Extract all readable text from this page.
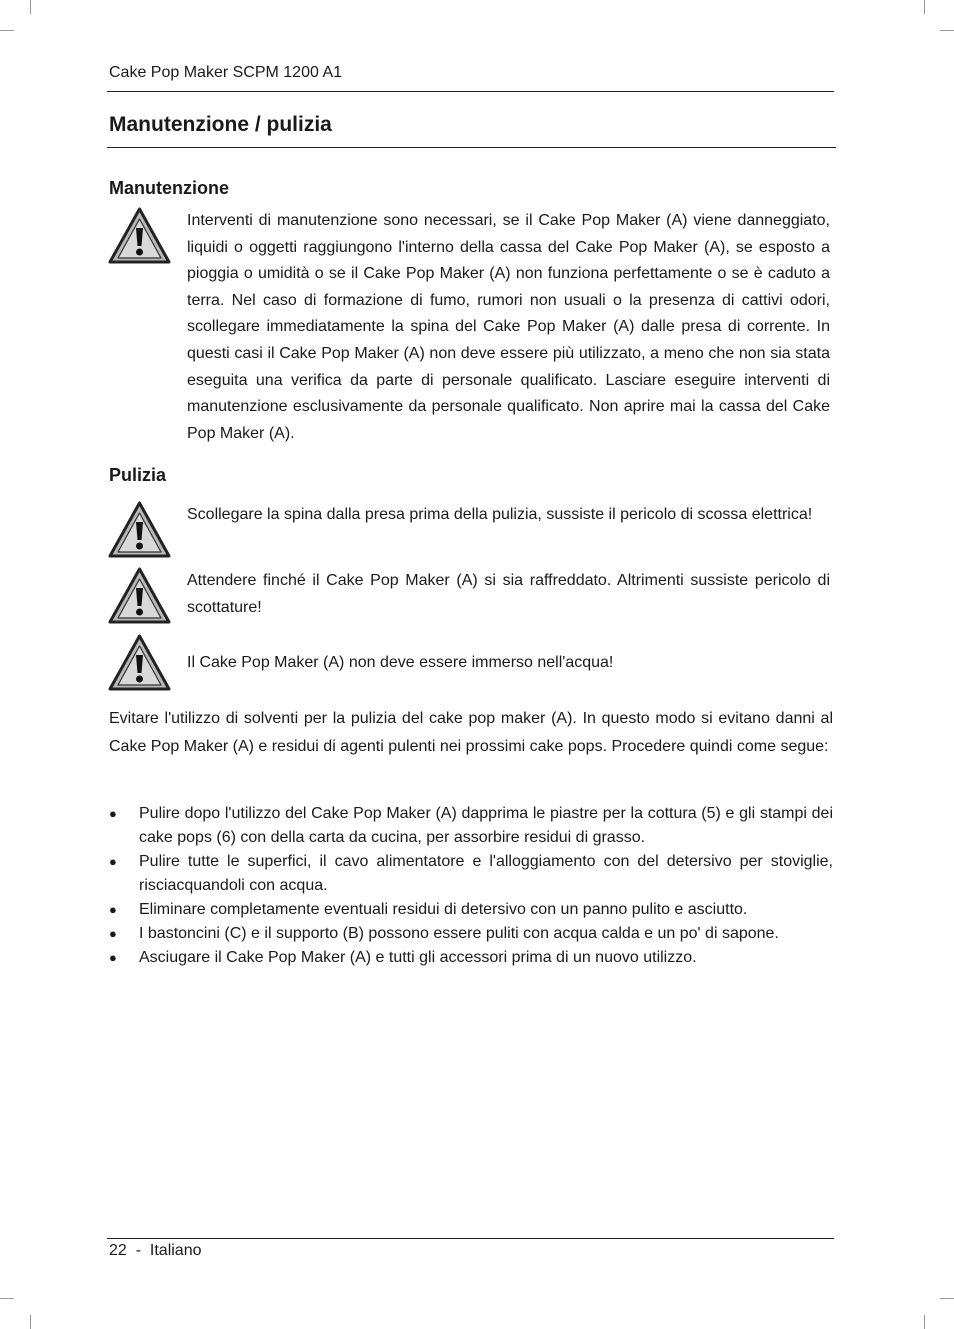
Cake Pop Maker SCPM 1200 A1
Manutenzione / pulizia
Manutenzione
Interventi di manutenzione sono necessari, se il Cake Pop Maker (A) viene danneggiato, liquidi o oggetti raggiungono l'interno della cassa del Cake Pop Maker (A), se esposto a pioggia o umidità o se il Cake Pop Maker (A) non funziona perfettamente o se è caduto a terra. Nel caso di formazione di fumo, rumori non usuali o la presenza di cattivi odori, scollegare immediatamente la spina del Cake Pop Maker (A) dalle presa di corrente. In questi casi il Cake Pop Maker (A) non deve essere più utilizzato, a meno che non sia stata eseguita una verifica da parte di personale qualificato. Lasciare eseguire interventi di manutenzione esclusivamente da personale qualificato. Non aprire mai la cassa del Cake Pop Maker (A).
Pulizia
Scollegare la spina dalla presa prima della pulizia, sussiste il pericolo di scossa elettrica!
Attendere finché il Cake Pop Maker (A) si sia raffreddato. Altrimenti sussiste pericolo di scottature!
Il Cake Pop Maker (A) non deve essere immerso nell'acqua!
Evitare l'utilizzo di solventi per la pulizia del cake pop maker (A). In questo modo si evitano danni al Cake Pop Maker (A) e residui di agenti pulenti nei prossimi cake pops. Procedere quindi come segue:
● Pulire dopo l'utilizzo del Cake Pop Maker (A) dapprima le piastre per la cottura (5) e gli stampi dei cake pops (6) con della carta da cucina, per assorbire residui di grasso.
● Pulire tutte le superfici, il cavo alimentatore e l'alloggiamento con del detersivo per stoviglie, risciacquandoli con acqua.
● Eliminare completamente eventuali residui di detersivo con un panno pulito e asciutto.
● I bastoncini (C) e il supporto (B) possono essere puliti con acqua calda e un po' di sapone.
● Asciugare il Cake Pop Maker (A) e tutti gli accessori prima di un nuovo utilizzo.
22 - Italiano
